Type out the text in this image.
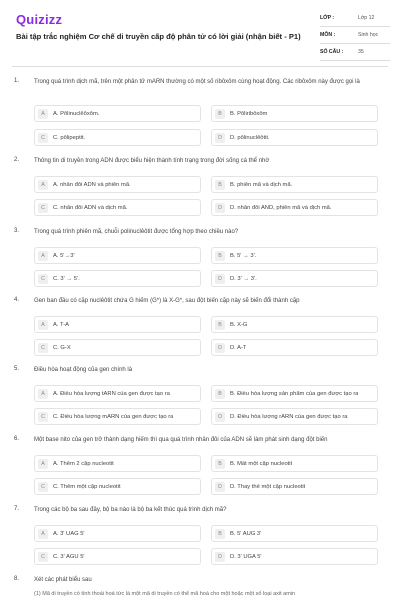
Quizizz
Bài tập trắc nghiệm Cơ chế di truyền cấp độ phân tử có lời giải (nhận biết - P1)
LỚP :	Lớp 12
MÔN :	Sinh học
SỐ CÂU :	35
1. Trong quá trình dịch mã, trên một phân tử mARN thường có một số ribôxôm cùng hoạt động. Các ribôxôm này được gọi là
A	A. Pôlinuclêôxôm.	B	B. Pôliribôxôm
C	C. pôlipeptit.	D	D. pôlinuclêôtit.
2. Thông tin di truyền trong ADN được biểu hiện thành tính trạng trong đời sống cá thể nhờ
A	A. nhân đôi ADN và phiên mã.	B	B. phiên mã và dịch mã.
C	C. nhân đôi ADN và dịch mã.	D	D. nhân đôi AND, phiên mã và dịch mã.
3. Trong quá trình phiên mã, chuỗi polinuclêôtit được tổng hợp theo chiều nào?
A	A. 5'→3'	B	B. 5' → 3'.
C	C. 3' → 5'.	D	D. 3' → 3'.
4. Gen ban đầu có cặp nuclêôtit chứa G hiếm (G*) là X-G*, sau đột biến cặp này sẽ biến đổi thành cặp
A	A. T-A	B	B. X-G
C	C. G-X	D	D. A-T
5. Điều hòa hoạt động của gen chính là
A	A. Điều hòa lượng tARN của gen được tạo ra	B	B. Điều hòa lượng sản phẩm của gen được tạo ra
C	C. Điều hòa lượng mARN của gen được tạo ra	D	D. Điều hòa lượng rARN của gen được tạo ra
6. Một base nito của gen trở thành dạng hiếm thì qua quá trình nhân đôi của ADN sẽ làm phát sinh dạng đột biến
A	A. Thêm 2 cặp nucleotit	B	B. Mất một cặp nucleotit
C	C. Thêm một cặp nucleotit	D	D. Thay thế một cặp nucleotit
7. Trong các bộ ba sau đây, bộ ba nào là bộ ba kết thúc quá trình dịch mã?
A	A. 3' UAG 5'	B	B. 5' AUG 3'
C	C. 3' AGU 5'	D	D. 3' UGA 5'
8. Xét các phát biểu sau
(1) Mã di truyền có tính thoái hoá tức là một mã di truyền có thể mã hoá cho một hoặc một số loại axit amin
